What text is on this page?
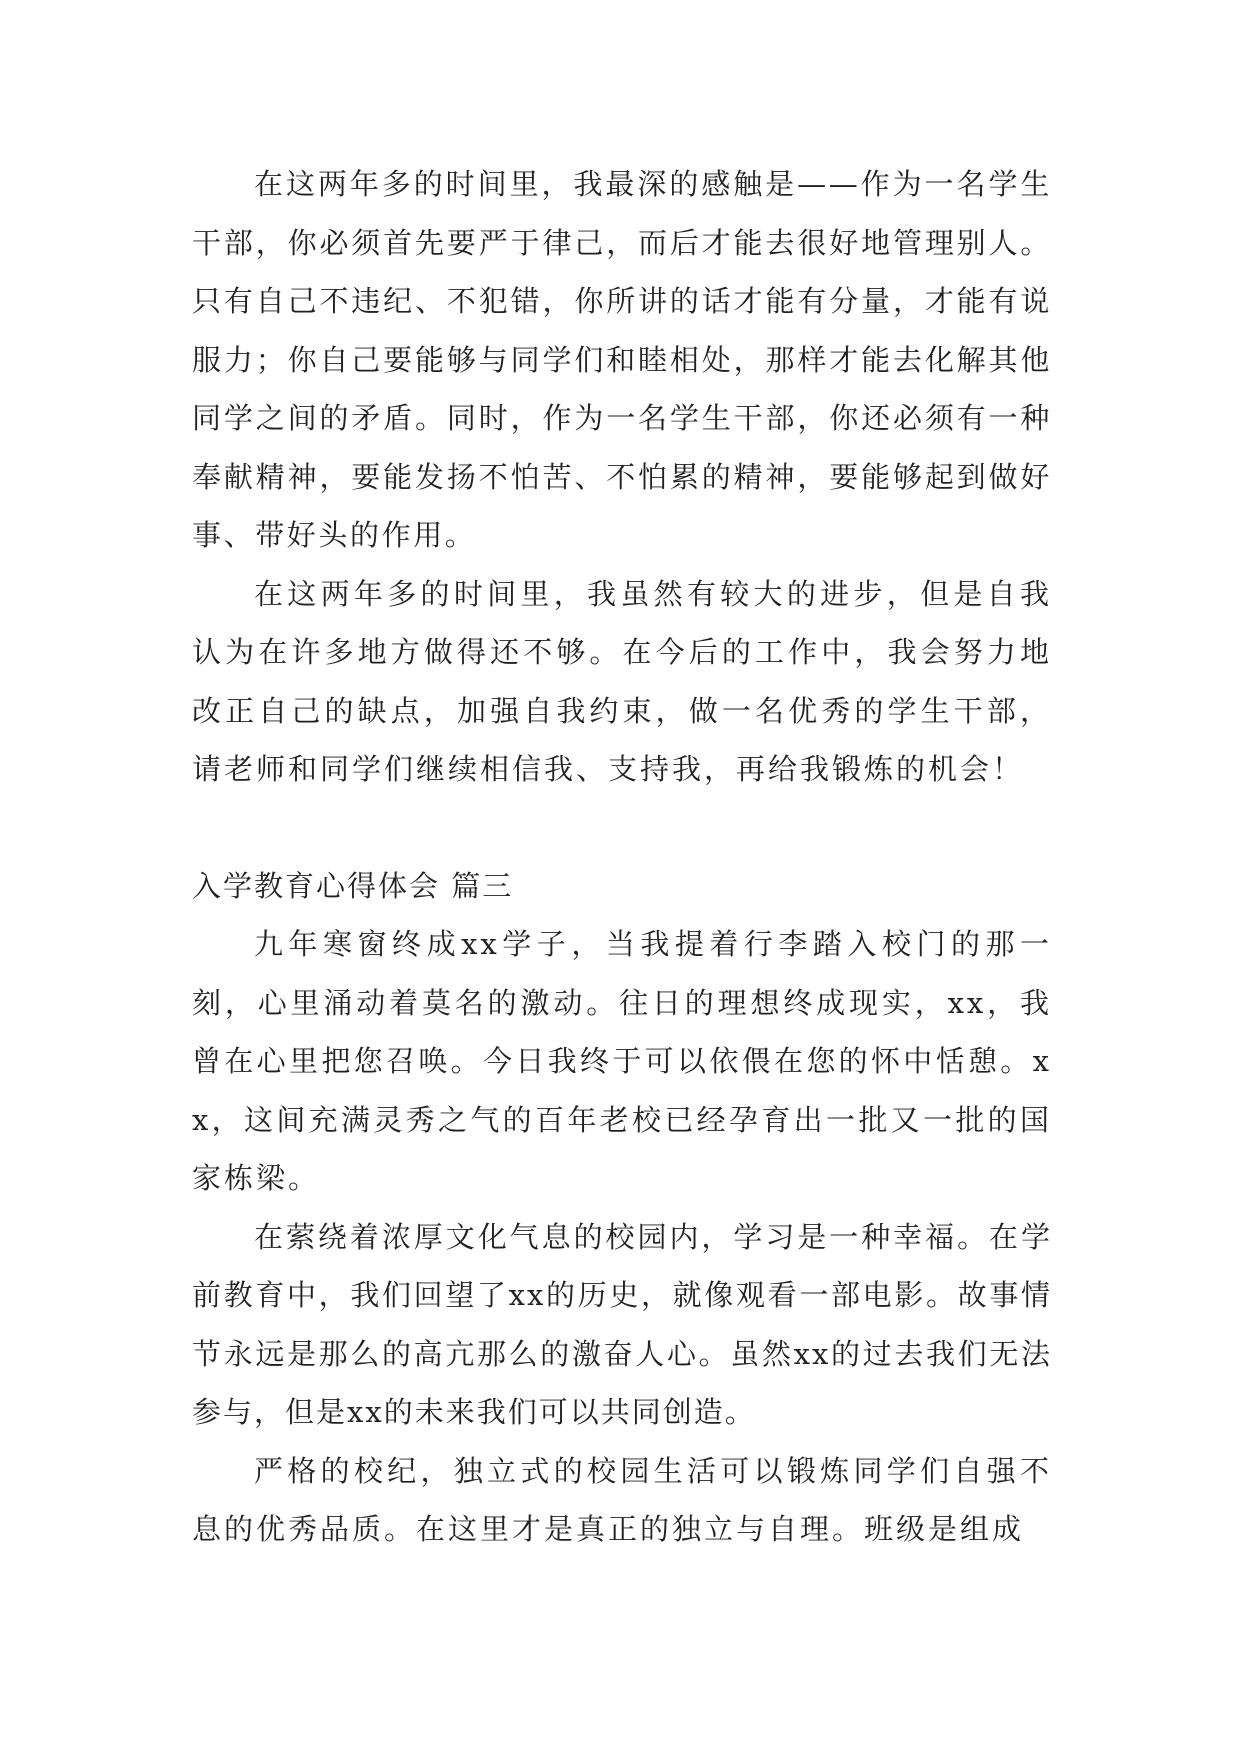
在这两年多的时间里，我最深的感触是——作为一名学生干部，你必须首先要严于律己，而后才能去很好地管理别人。只有自己不违纪、不犯错，你所讲的话才能有分量，才能有说服力；你自己要能够与同学们和睦相处，那样才能去化解其他同学之间的矛盾。同时，作为一名学生干部，你还必须有一种奉献精神，要能发扬不怕苦、不怕累的精神，要能够起到做好事、带好头的作用。

在这两年多的时间里，我虽然有较大的进步，但是自我认为在许多地方做得还不够。在今后的工作中，我会努力地改正自己的缺点，加强自我约束，做一名优秀的学生干部，请老师和同学们继续相信我、支持我，再给我锻炼的机会！

入学教育心得体会 篇三

九年寒窗终成xx学子，当我提着行李踏入校门的那一刻，心里涌动着莫名的激动。往日的理想终成现实，xx，我曾在心里把您召唤。今日我终于可以依偎在您的怀中恬憩。xx，这间充满灵秀之气的百年老校已经孕育出一批又一批的国家栋梁。

在萦绕着浓厚文化气息的校园内，学习是一种幸福。在学前教育中，我们回望了xx的历史，就像观看一部电影。故事情节永远是那么的高亢那么的激奋人心。虽然xx的过去我们无法参与，但是xx的未来我们可以共同创造。

严格的校纪，独立式的校园生活可以锻炼同学们自强不息的优秀品质。在这里才是真正的独立与自理。班级是组成
